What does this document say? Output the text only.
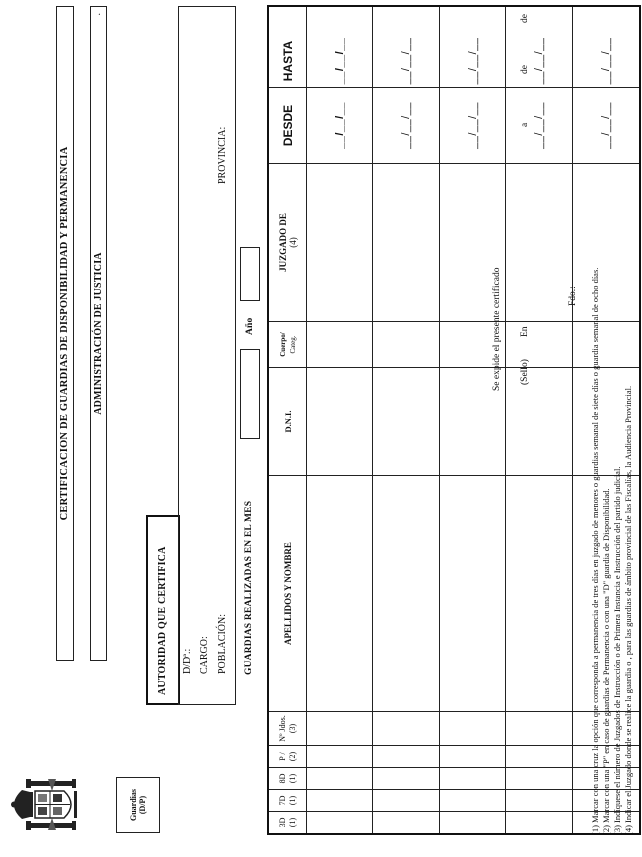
Guardias (D/P)
CERTIFICACION DE GUARDIAS DE DISPONIBILIDAD Y PERMANENCIA	ADMINISTRACIÓN DE JUSTICIA
.
AUTORIDAD QUE CERTIFICA	D/Dª.: CARGO: POBLACIÓN:
PROVINCIA:
GUARDIAS REALIZADAS EN EL MES
Año
3D (1)
7D (1)
8D (1)
P / (2)
Nº Jdos. (3)
APELLIDOS Y NOMBRE
D.N.I.
Cuerpo/ Categ.
JUZGADO DE (4)
DESDE
HASTA
__/__/__
__/__/__
__/__/__
__/__/__
__/__/__
__/__/__
__/__/__
__/__/__
__/__/__
__/__/__
Se expide el presente certificado (Sello)
En
a
de
de
Fdo.: (1) Marcar con una cruz la opción que corresponda a permanencia de tres días en juzgado de menores o guardias semanal de siete días o guardia semanal de ocho días. (2) Marcar con una "P" en caso de guardias de Permanencia o con una "D" guardia de Disponibilidad. (3) Indíquese el número de Juzgados de Instrucción o de Primera Instancia e Instrucción del partido judicial. (4) Indicar el Juzgado donde se realice la guardia o , para las guardias de ámbito provincial de las Fiscalías, la Audiencia Provincial.
